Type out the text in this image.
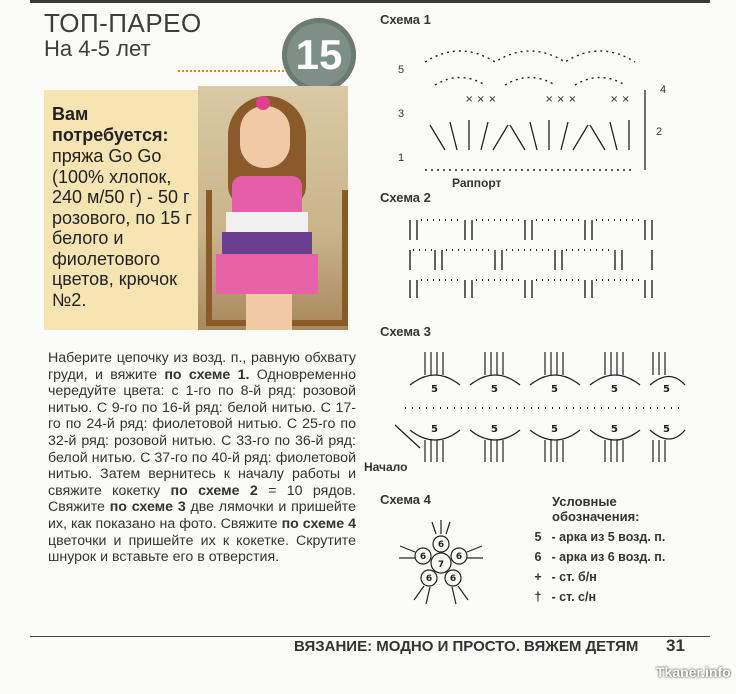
ТОП-ПАРЕО
На 4-5 лет	15
Вам потребуется:
пряжа Go Go (100% хлопок, 240 м/50 г) - 50 г розового, по 15 г белого и фиолетового цветов, крючок №2.
Наберите цепочку из возд. п., равную обхвату груди, и вяжите по схеме 1. Одновременно чередуйте цвета: с 1-го по 8-й ряд: розовой нитью. С 9-го по 16-й ряд: белой нитью. С 17-го по 24-й ряд: фиолетовой нитью. С 25-го по 32-й ряд: розовой нитью. С 33-го по 36-й ряд: белой нитью. С 37-го по 40-й ряд: фиолетовой нитью. Затем вернитесь к началу работы и свяжите кокетку по схеме 2 = 10 рядов. Свяжите по схеме 3 две лямочки и пришейте их, как показано на фото. Свяжите по схеме 4 цветочки и пришейте их к кокетке. Скрутите шнурок и вставьте его в отверстия.
Схема 1
5
4
3
2
1
Раппорт
× × ×	× × ×	× ×
Схема 2
Схема 3
Начало
5	5	5	5	5
5	5	5	5	5
Схема 4
7
6
6
6
6
6
Условные
обозначения:
5 - арка из 5 возд. п.
6 - арка из 6 возд. п.
+ - ст. б/н
† - ст. с/н
ВЯЗАНИЕ: МОДНО И ПРОСТО. ВЯЖЕМ ДЕТЯМ 31
Tkaner.info
